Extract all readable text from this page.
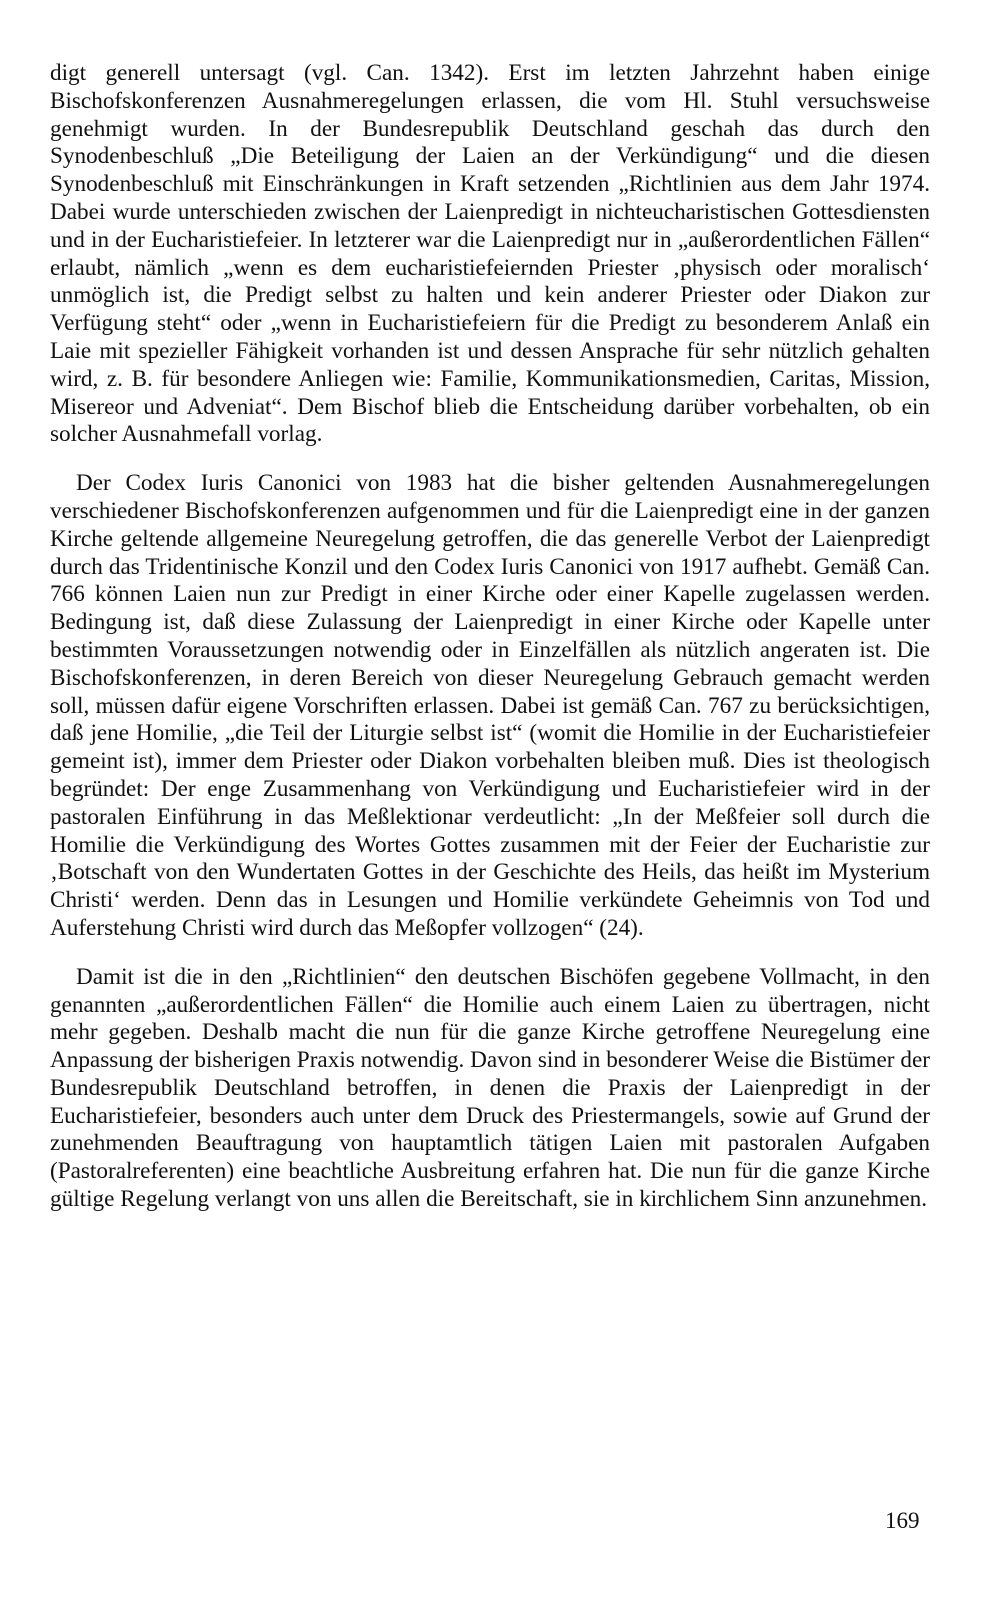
digt generell untersagt (vgl. Can. 1342). Erst im letzten Jahrzehnt haben einige Bischofskonferenzen Ausnahmeregelungen erlassen, die vom Hl. Stuhl versuchsweise genehmigt wurden. In der Bundesrepublik Deutschland geschah das durch den Synodenbeschluß „Die Beteiligung der Laien an der Verkündigung“ und die diesen Synodenbeschluß mit Einschränkungen in Kraft setzenden „Richtlinien aus dem Jahr 1974. Dabei wurde unterschieden zwischen der Laienpredigt in nichteucharistischen Gottesdiensten und in der Eucharistiefeier. In letzterer war die Laienpredigt nur in „außerordentlichen Fällen“ erlaubt, nämlich „wenn es dem eucharistiefeiernden Priester ‚physisch oder moralisch‘ unmöglich ist, die Predigt selbst zu halten und kein anderer Priester oder Diakon zur Verfügung steht“ oder „wenn in Eucharistiefeiern für die Predigt zu besonderem Anlaß ein Laie mit spezieller Fähigkeit vorhanden ist und dessen Ansprache für sehr nützlich gehalten wird, z. B. für besondere Anliegen wie: Familie, Kommunikationsmedien, Caritas, Mission, Misereor und Adveniat“. Dem Bischof blieb die Entscheidung darüber vorbehalten, ob ein solcher Ausnahmefall vorlag.

Der Codex Iuris Canonici von 1983 hat die bisher geltenden Ausnahmeregelungen verschiedener Bischofskonferenzen aufgenommen und für die Laienpredigt eine in der ganzen Kirche geltende allgemeine Neuregelung getroffen, die das generelle Verbot der Laienpredigt durch das Tridentinische Konzil und den Codex Iuris Canonici von 1917 aufhebt. Gemäß Can. 766 können Laien nun zur Predigt in einer Kirche oder einer Kapelle zugelassen werden. Bedingung ist, daß diese Zulassung der Laienpredigt in einer Kirche oder Kapelle unter bestimmten Voraussetzungen notwendig oder in Einzelfällen als nützlich angeraten ist. Die Bischofskonferenzen, in deren Bereich von dieser Neuregelung Gebrauch gemacht werden soll, müssen dafür eigene Vorschriften erlassen. Dabei ist gemäß Can. 767 zu berücksichtigen, daß jene Homilie, „die Teil der Liturgie selbst ist“ (womit die Homilie in der Eucharistiefeier gemeint ist), immer dem Priester oder Diakon vorbehalten bleiben muß. Dies ist theologisch begründet: Der enge Zusammenhang von Verkündigung und Eucharistiefeier wird in der pastoralen Einführung in das Meßlektionar verdeutlicht: „In der Meßfeier soll durch die Homilie die Verkündigung des Wortes Gottes zusammen mit der Feier der Eucharistie zur ‚Botschaft von den Wundertaten Gottes in der Geschichte des Heils, das heißt im Mysterium Christi‘ werden. Denn das in Lesungen und Homilie verkündete Geheimnis von Tod und Auferstehung Christi wird durch das Meßopfer vollzogen“ (24).

Damit ist die in den „Richtlinien“ den deutschen Bischöfen gegebene Vollmacht, in den genannten „außerordentlichen Fällen“ die Homilie auch einem Laien zu übertragen, nicht mehr gegeben. Deshalb macht die nun für die ganze Kirche getroffene Neuregelung eine Anpassung der bisherigen Praxis notwendig. Davon sind in besonderer Weise die Bistümer der Bundesrepublik Deutschland betroffen, in denen die Praxis der Laienpredigt in der Eucharistiefeier, besonders auch unter dem Druck des Priestermangels, sowie auf Grund der zunehmenden Beauftragung von hauptamtlich tätigen Laien mit pastoralen Aufgaben (Pastoralreferenten) eine beachtliche Ausbreitung erfahren hat. Die nun für die ganze Kirche gültige Regelung verlangt von uns allen die Bereitschaft, sie in kirchlichem Sinn anzunehmen.

169
